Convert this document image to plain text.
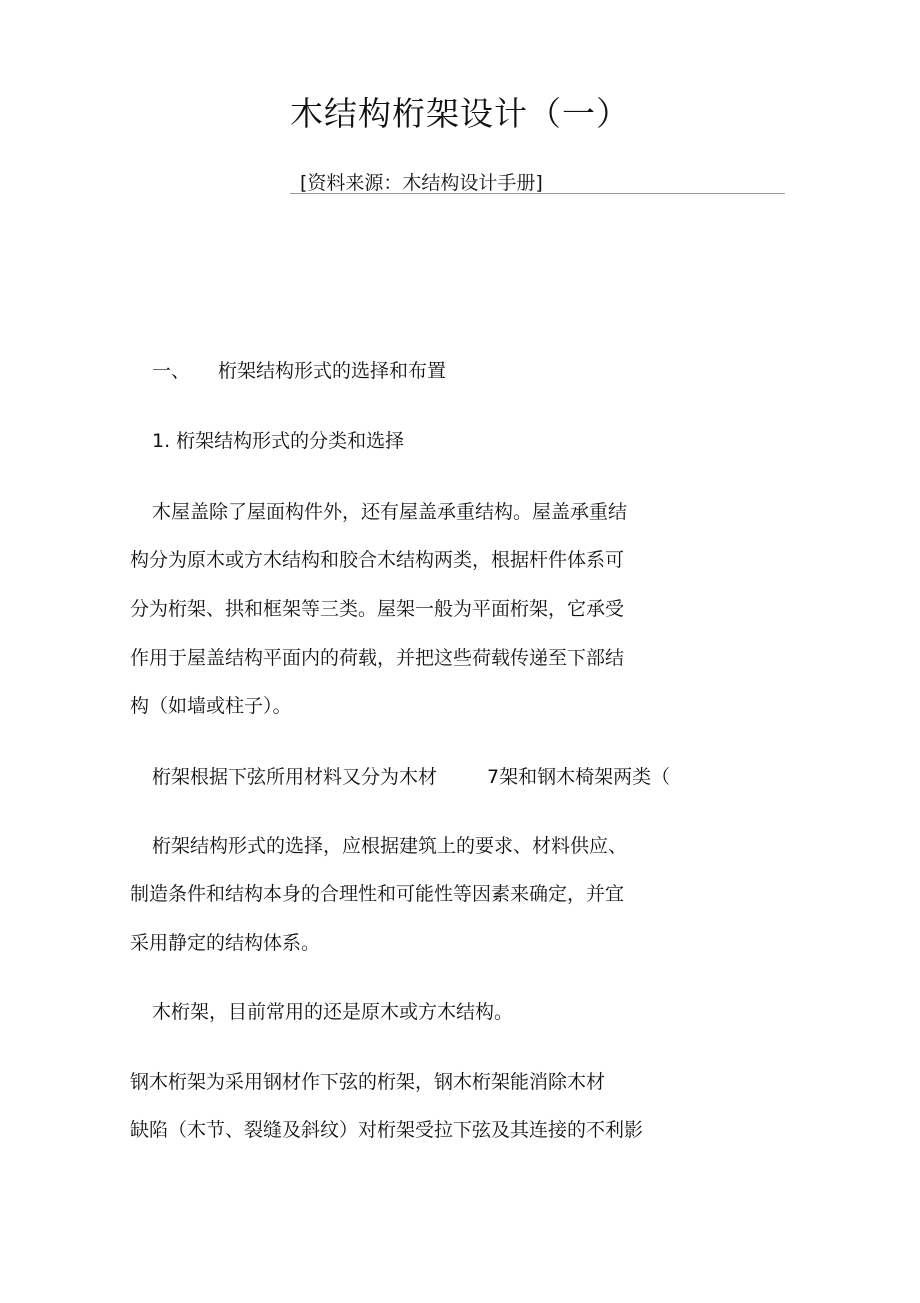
木结构桁架设计（一）

[资料来源：木结构设计手册]

一、 桁架结构形式的选择和布置

1. 桁架结构形式的分类和选择

木屋盖除了屋面构件外，还有屋盖承重结构。屋盖承重结

构分为原木或方木结构和胶合木结构两类，根据杆件体系可

分为桁架、拱和框架等三类。屋架一般为平面桁架，它承受

作用于屋盖结构平面内的荷载，并把这些荷载传递至下部结

构（如墙或柱子）。

桁架根据下弦所用材料又分为木材	7架和钢木椅架两类（

桁架结构形式的选择，应根据建筑上的要求、材料供应、

制造条件和结构本身的合理性和可能性等因素来确定，并宜

采用静定的结构体系。

木桁架，目前常用的还是原木或方木结构。

钢木桁架为采用钢材作下弦的桁架，钢木桁架能消除木材

缺陷（木节、裂缝及斜纹）对桁架受拉下弦及其连接的不利影
